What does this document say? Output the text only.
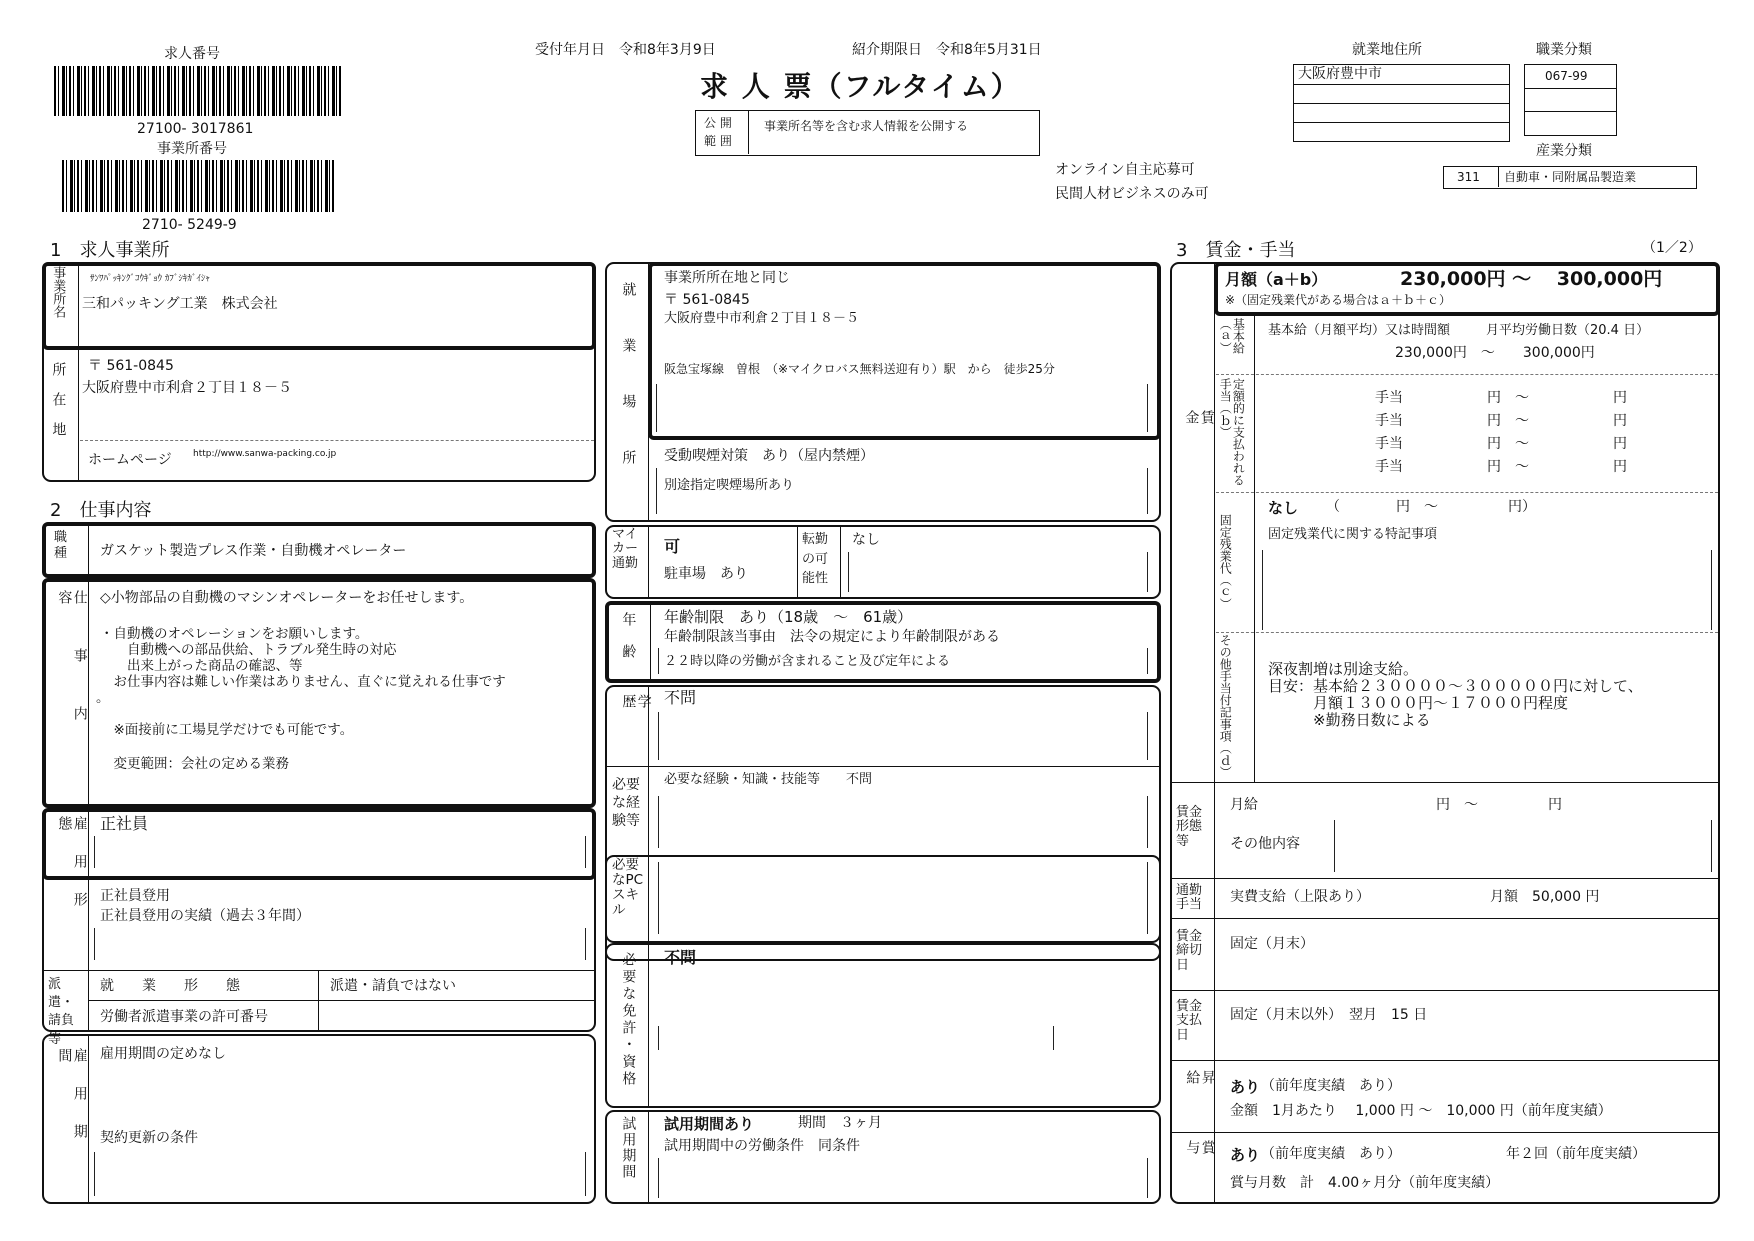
求人番号
27100- 3017861
事業所番号
2710- 5249-9
受付年月日　令和8年3月9日	紹介期限日　令和8年5月31日
求 人 票（フルタイム）
公 開 範 囲
事業所名等を含む求人情報を公開する
オンライン自主応募可
民間人材ビジネスのみ可
就業地住所
大阪府豊中市
職業分類
067-99
産業分類
311 自動車・同附属品製造業
1　求人事業所
事業所名	ｻﾝﾜﾊﾟｯｷﾝｸﾞｺｳｷﾞｮｳ ｶﾌﾞｼｷｶﾞｲｼｬ
三和パッキング工業　株式会社
所在地 〒 561-0845
大阪府豊中市利倉２丁目１８－５
ホームページ http://www.sanwa-packing.co.jp
2　仕事内容
職種	ガスケット製造プレス作業・自動機オペレーター
仕事内容	◇小物部品の自動機のマシンオペレーターをお任せします。
・自動機のオペレーションをお願いします。
　　自動機への部品供給、トラブル発生時の対応
　　出来上がった商品の確認、等
　お仕事内容は難しい作業はありません、直ぐに覚えれる仕事です
。
　※面接前に工場見学だけでも可能です。
　変更範囲：会社の定める業務
雇用形態	正社員
正社員登用
正社員登用の実績（過去３年間）
派遣・請負等
就　　業　　形　　態	派遣・請負ではない
労働者派遣事業の許可番号
雇用期間	雇用期間の定めなし
契約更新の条件
就業場所
事業所所在地と同じ
〒 561-0845
大阪府豊中市利倉２丁目１８－５
阪急宝塚線　曽根　（※マイクロバス無料送迎有り）駅　から　徒歩25分
受動喫煙対策　あり（屋内禁煙）
別途指定喫煙場所あり
マイカー通勤
可
駐車場　あり
転勤の可能性
なし
年齢 年齢制限　あり（18歳　～　61歳）
年齢制限該当事由　法令の規定により年齢制限がある
２２時以降の労働が含まれること及び定年による
学歴	不問
必要な経験等
必要な経験・知識・技能等　　不問
必要なPCスキル
必要な免許・資格 不問
試用期間 試用期間あり	期間　３ヶ月
試用期間中の労働条件　同条件
3　賃金・手当	（1／2）
月額（a＋b）	230,000円 ～　 300,000円
※（固定残業代がある場合はａ＋ｂ＋ｃ）
賃金
基本給（ａ）	基本給（月額平均）又は時間額	月平均労働日数（20.4 日）
230,000円　～　　300,000円
定額的に支払われる手当（ｂ）	手当　　　　　　円　～　　　　　　円
手当　　　　　　円　～　　　　　　円
手当　　　　　　円　～　　　　　　円
手当　　　　　　円　～　　　　　　円
固定残業代（ｃ）
なし （　　　　円　～　　　　　円）
固定残業代に関する特記事項
その他手当付記事項（ｄ） 深夜割増は別途支給。
目安：基本給２３００００～３０００００円に対して、
　　　月額１３０００円～１７０００円程度
　　　※勤務日数による
賃金形態等
月給	円　～　　　　　円
その他内容
通勤手当	実費支給（上限あり）	月額　50,000 円
賃金締切日
固定（月末）
賃金支払日
固定（月末以外）　翌月　15 日
昇給	あり （前年度実績　あり）
金額　1月あたり　 1,000 円 ～　10,000 円（前年度実績）
賞与	あり （前年度実績　あり）	年２回（前年度実績）
賞与月数　計　4.00ヶ月分（前年度実績）
